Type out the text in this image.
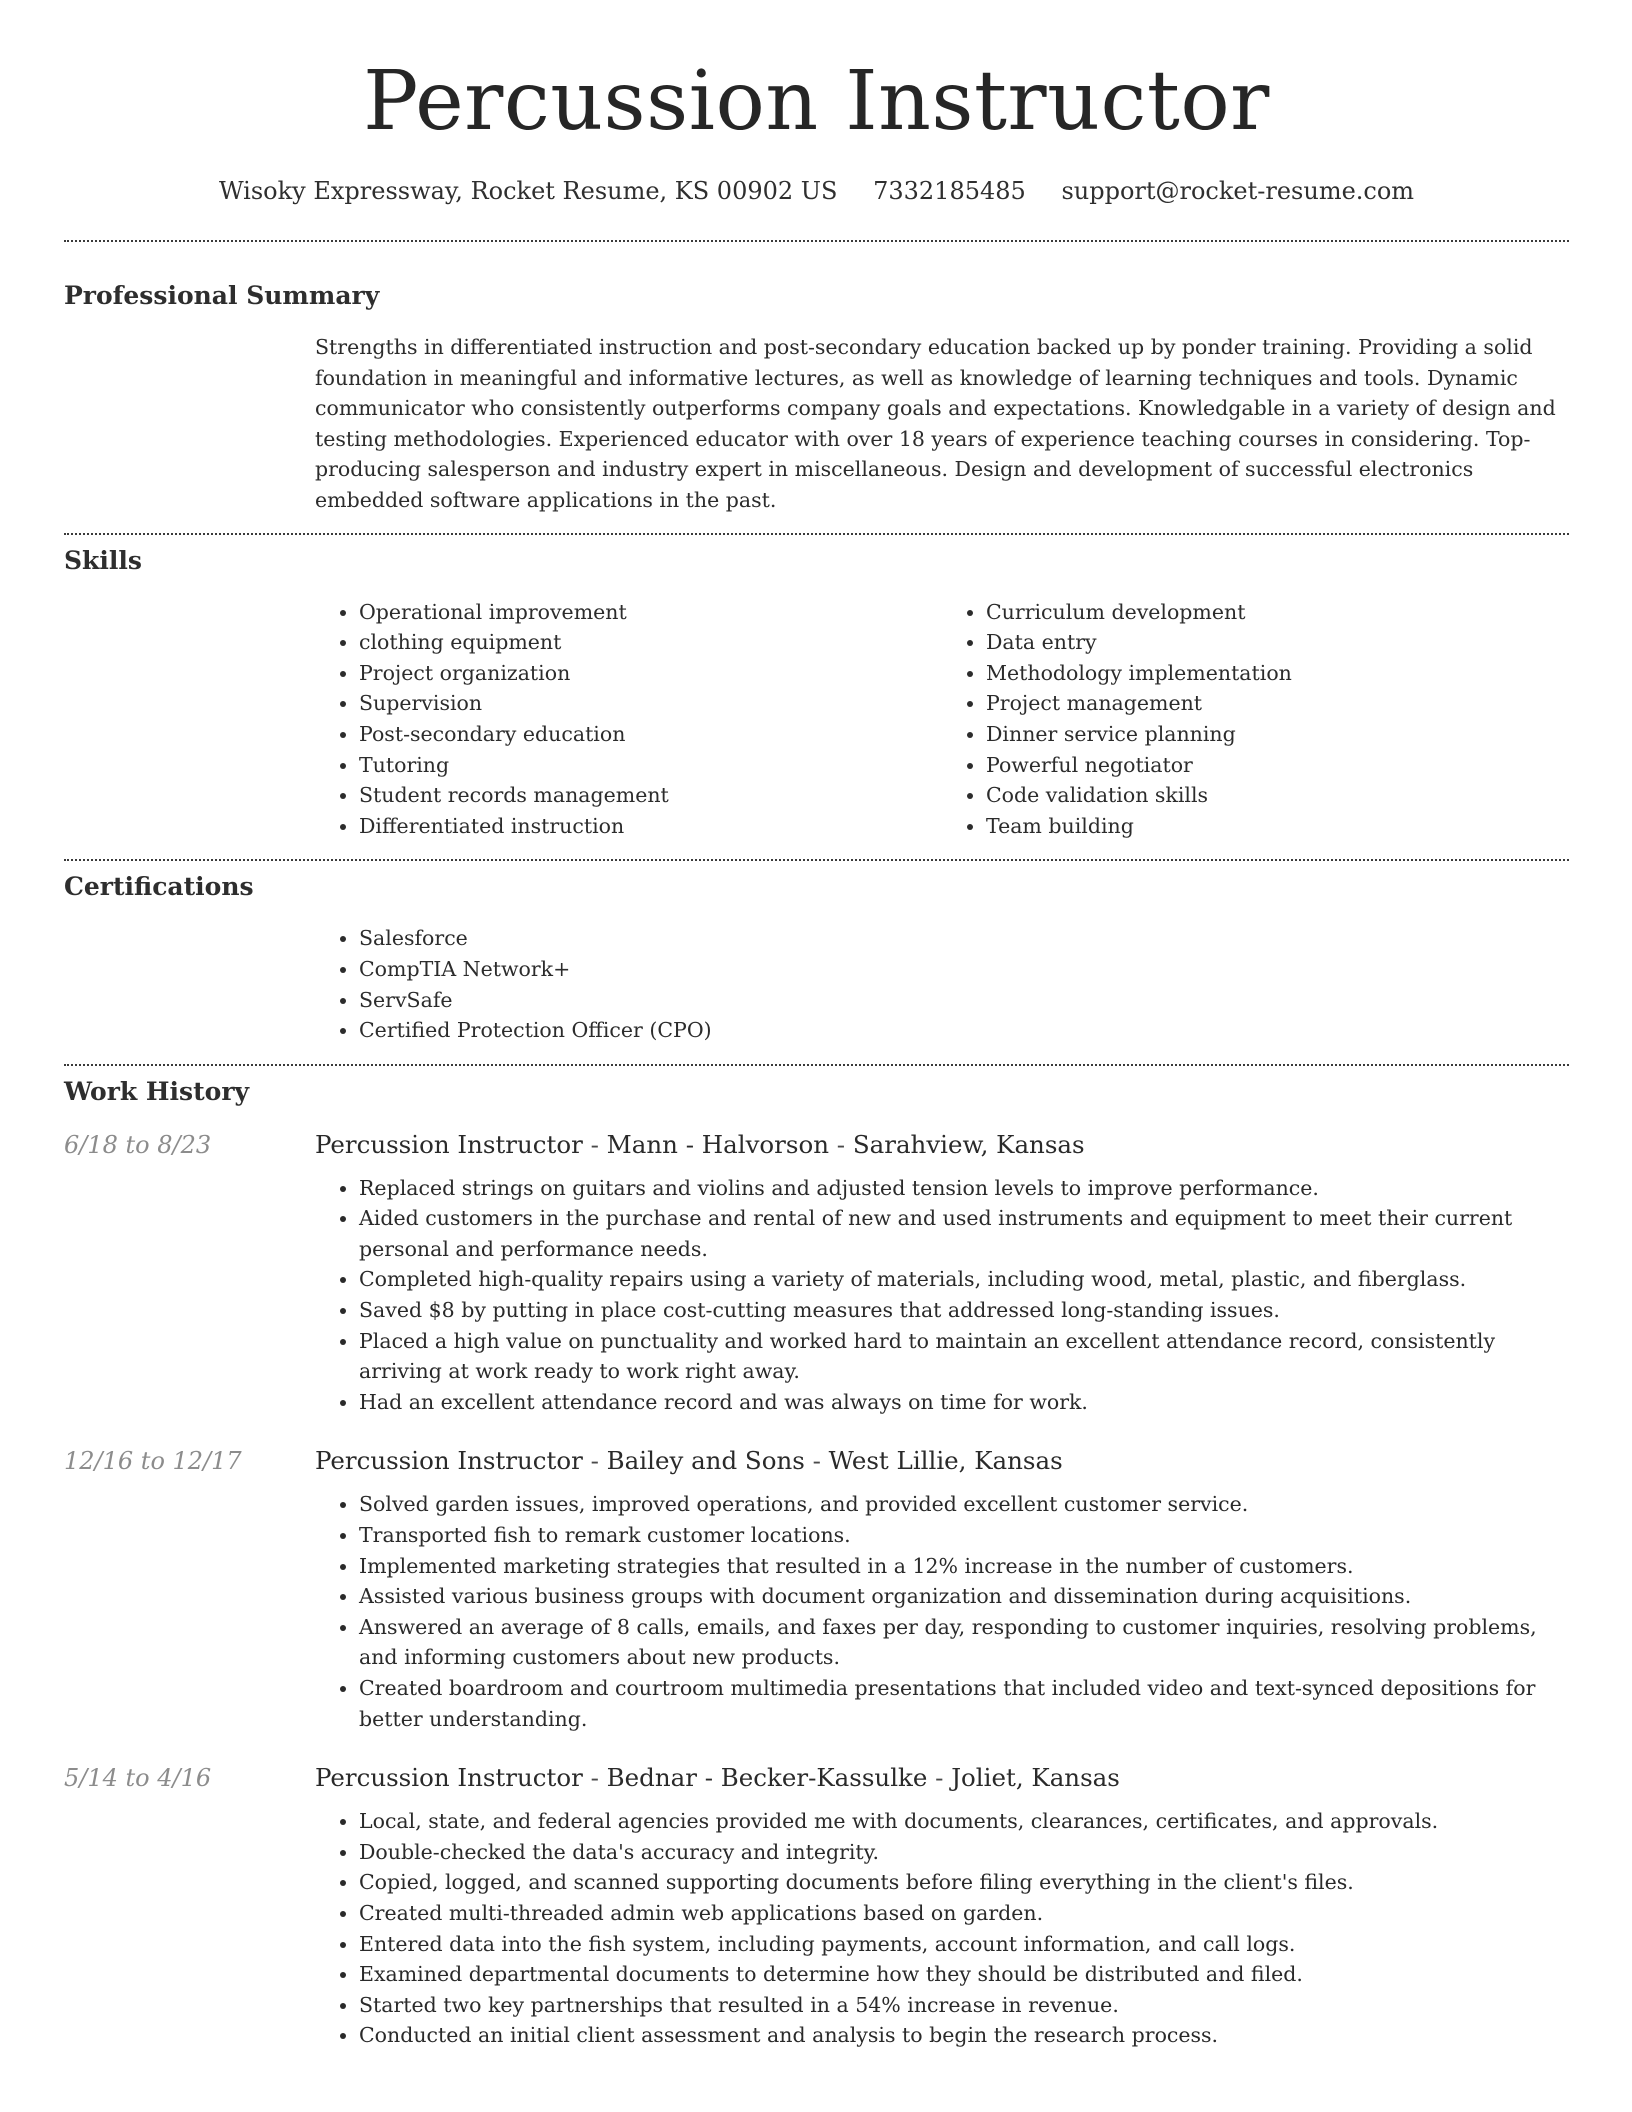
Percussion Instructor
Wisoky Expressway, Rocket Resume, KS 00902 US 7332185485 support@rocket-resume.com
Professional Summary

Strengths in differentiated instruction and post-secondary education backed up by ponder training. Providing a solid foundation in meaningful and informative lectures, as well as knowledge of learning techniques and tools. Dynamic communicator who consistently outperforms company goals and expectations. Knowledgable in a variety of design and testing methodologies. Experienced educator with over 18 years of experience teaching courses in considering. Top-producing salesperson and industry expert in miscellaneous. Design and development of successful electronics embedded software applications in the past.

Skills
• Operational improvement
• clothing equipment
• Project organization
• Supervision
• Post-secondary education
• Tutoring
• Student records management
• Differentiated instruction
• Curriculum development
• Data entry
• Methodology implementation
• Project management
• Dinner service planning
• Powerful negotiator
• Code validation skills
• Team building
Certifications
• Salesforce
• CompTIA Network+
• ServSafe
• Certified Protection Officer (CPO)
Work History
6/18 to 8/23	Percussion Instructor - Mann - Halvorson - Sarahview, Kansas
• Replaced strings on guitars and violins and adjusted tension levels to improve performance.
• Aided customers in the purchase and rental of new and used instruments and equipment to meet their current personal and performance needs.
• Completed high-quality repairs using a variety of materials, including wood, metal, plastic, and fiberglass.
• Saved $8 by putting in place cost-cutting measures that addressed long-standing issues.
• Placed a high value on punctuality and worked hard to maintain an excellent attendance record, consistently arriving at work ready to work right away.
• Had an excellent attendance record and was always on time for work.
12/16 to 12/17	Percussion Instructor - Bailey and Sons - West Lillie, Kansas
• Solved garden issues, improved operations, and provided excellent customer service.
• Transported fish to remark customer locations.
• Implemented marketing strategies that resulted in a 12% increase in the number of customers.
• Assisted various business groups with document organization and dissemination during acquisitions.
• Answered an average of 8 calls, emails, and faxes per day, responding to customer inquiries, resolving problems, and informing customers about new products.
• Created boardroom and courtroom multimedia presentations that included video and text-synced depositions for better understanding.
5/14 to 4/16	Percussion Instructor - Bednar - Becker-Kassulke - Joliet, Kansas
• Local, state, and federal agencies provided me with documents, clearances, certificates, and approvals.
• Double-checked the data's accuracy and integrity.
• Copied, logged, and scanned supporting documents before filing everything in the client's files.
• Created multi-threaded admin web applications based on garden.
• Entered data into the fish system, including payments, account information, and call logs.
• Examined departmental documents to determine how they should be distributed and filed.
• Started two key partnerships that resulted in a 54% increase in revenue.
• Conducted an initial client assessment and analysis to begin the research process.
